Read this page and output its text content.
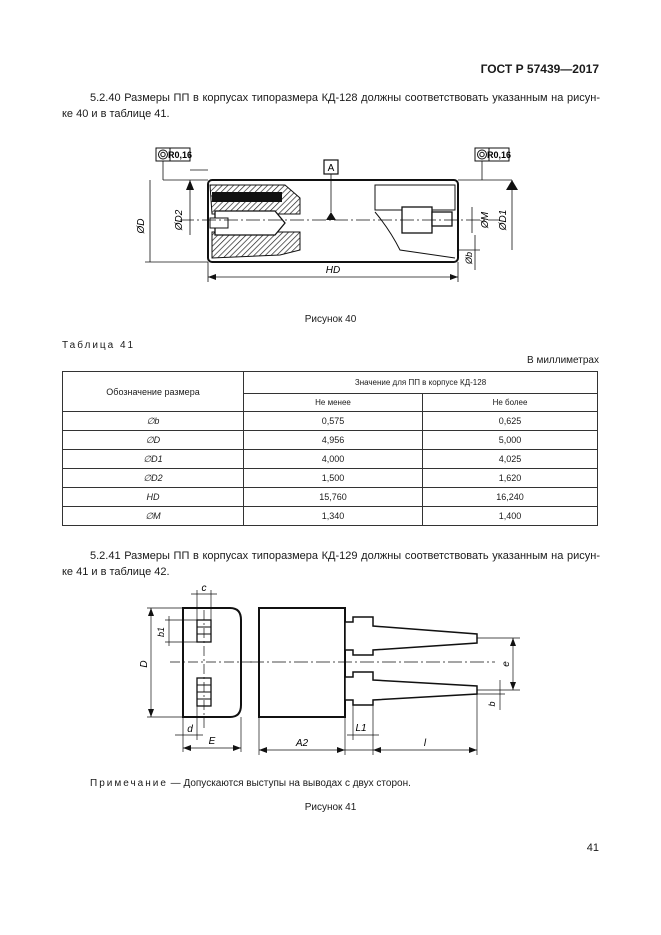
ГОСТ Р 57439—2017
5.2.40 Размеры ПП в корпусах типоразмера КД-128 должны соответствовать указанным на рисун-ке 40 и в таблице 41.
A
R0,16	R0,16
ØD	ØD2	ØM ØD1
Øb
HD
Рисунок 40
Таблица 41
В миллиметрах
Обозначение размера	Значение для ПП в корпусе КД-128	
	Не менее	Не более
∅b	0,575	0,625
∅D	4,956	5,000
∅D1	4,000	4,025
∅D2	1,500	1,620
HD	15,760	16,240
∅M	1,340	1,400
5.2.41 Размеры ПП в корпусах типоразмера КД-129 должны соответствовать указанным на рисун-ке 41 и в таблице 42.
c
b1
D
d
E
e
b
A2
L1
l
Примечание — Допускаются выступы на выводах с двух сторон.
Рисунок 41
41
